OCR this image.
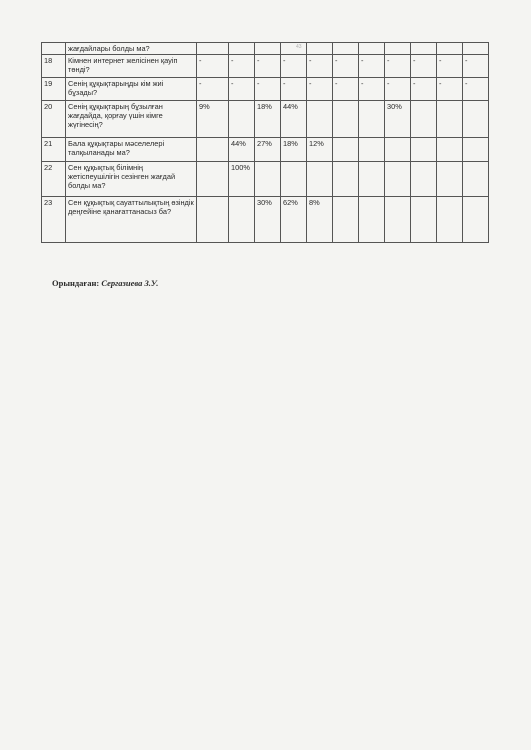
43
	жағдайлары болды ма?											
18	Кімнен интернет желісінен қауіп төнді?	-	-	-	-	-	-	-	-	-	-	-
19	Сенің құқықтарыңды кім жиі бұзады?	-	-	-	-	-	-	-	-	-	-	-
20	Сенің құқықтарың бұзылған жағдайда, қорғау үшін кімге жүгінесің?	9%		18%	44%				30%			
21	Бала құқықтары мәселелері талқыланады ма?		44%	27%	18%	12%						
22	Сен құқықтық білімнің жетіспеушілігін сезінген жағдай болды ма?		100%									
23	Сен құқықтық сауаттылықтың өзіндік деңгейіне қанағаттанасыз ба?			30%	62%	8%						
Орындаған: Сергазиева З.У.
